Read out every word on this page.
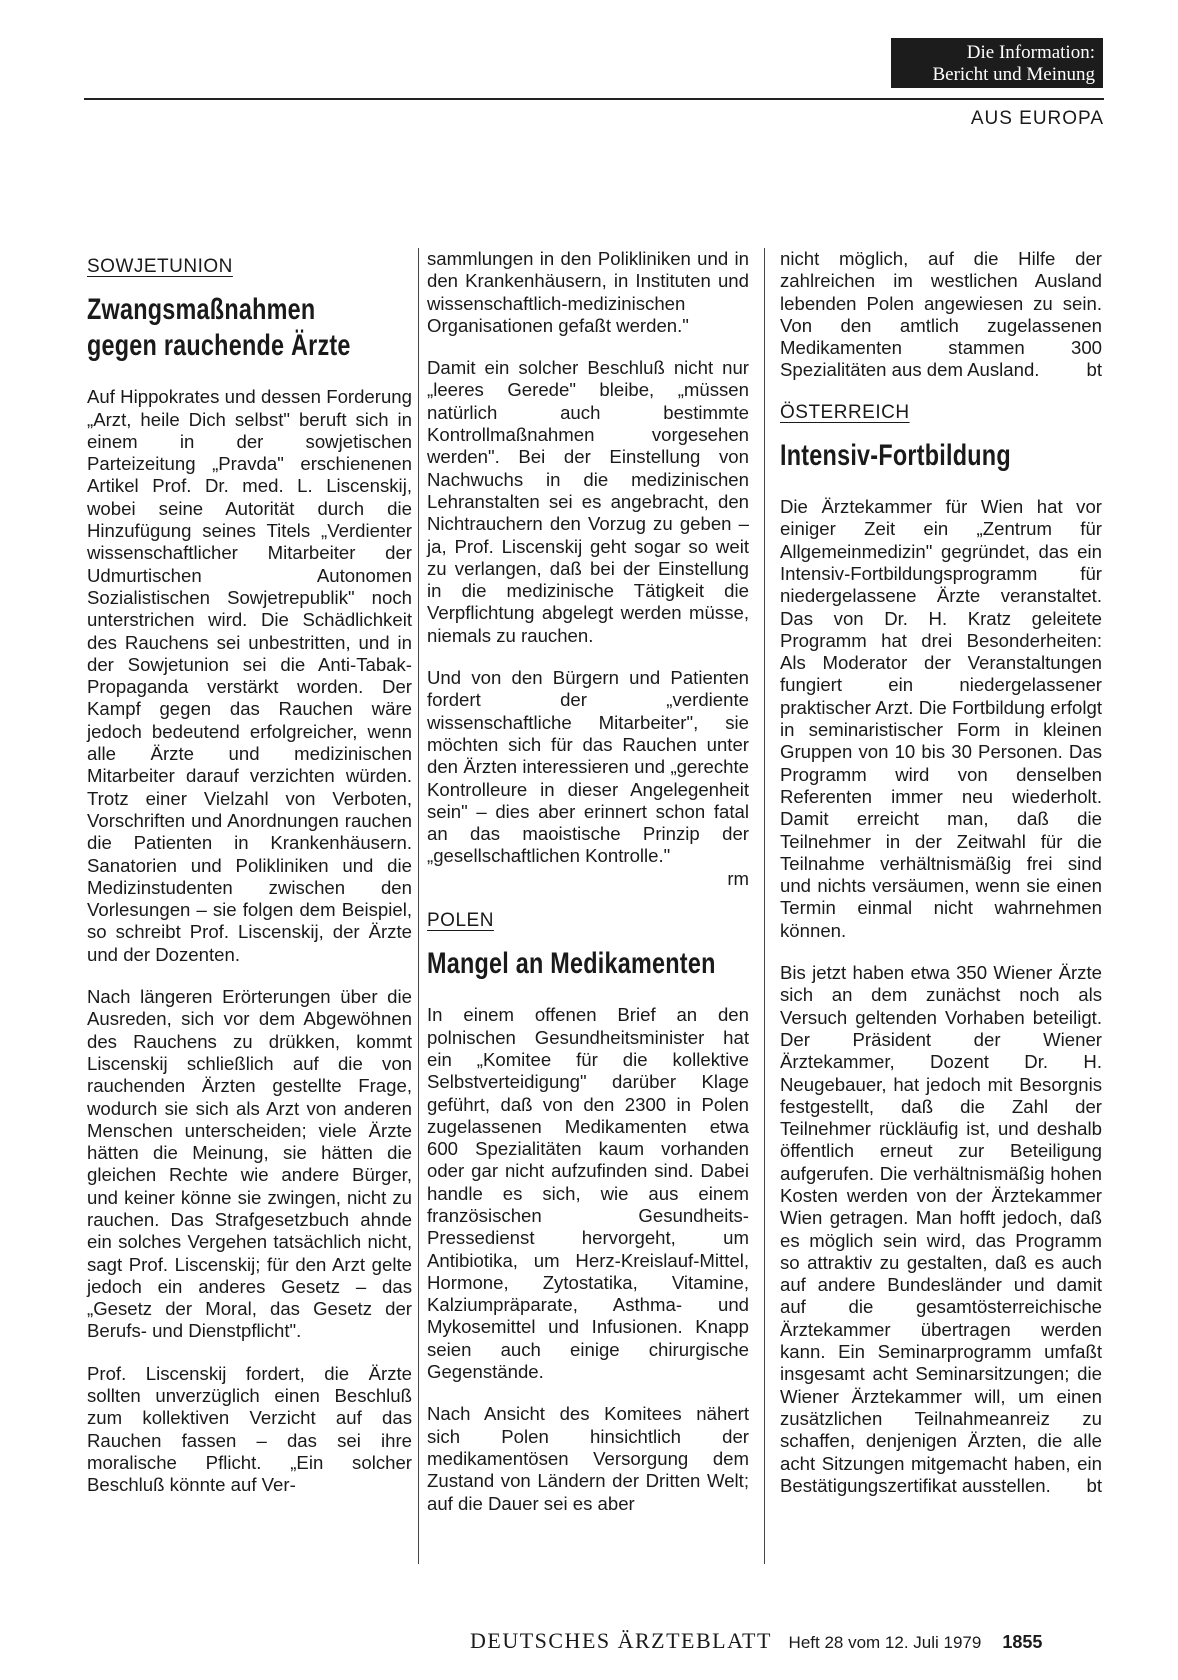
Die Information:
Bericht und Meinung
AUS EUROPA
SOWJETUNION
Zwangsmaßnahmen
gegen rauchende Ärzte

Auf Hippokrates und dessen Forderung „Arzt, heile Dich selbst" beruft sich in einem in der sowjetischen Parteizeitung „Pravda" erschienenen Artikel Prof. Dr. med. L. Liscenskij, wobei seine Autorität durch die Hinzufügung seines Titels „Verdienter wissenschaftlicher Mitarbeiter der Udmurtischen Autonomen Sozialistischen Sowjetrepublik" noch unterstrichen wird. Die Schädlichkeit des Rauchens sei unbestritten, und in der Sowjetunion sei die Anti-Tabak-Propaganda verstärkt worden. Der Kampf gegen das Rauchen wäre jedoch bedeutend erfolgreicher, wenn alle Ärzte und medizinischen Mitarbeiter darauf verzichten würden. Trotz einer Vielzahl von Verboten, Vorschriften und Anordnungen rauchen die Patienten in Krankenhäusern. Sanatorien und Polikliniken und die Medizinstudenten zwischen den Vorlesungen – sie folgen dem Beispiel, so schreibt Prof. Liscenskij, der Ärzte und der Dozenten.

Nach längeren Erörterungen über die Ausreden, sich vor dem Abgewöhnen des Rauchens zu drükken, kommt Liscenskij schließlich auf die von rauchenden Ärzten gestellte Frage, wodurch sie sich als Arzt von anderen Menschen unterscheiden; viele Ärzte hätten die Meinung, sie hätten die gleichen Rechte wie andere Bürger, und keiner könne sie zwingen, nicht zu rauchen. Das Strafgesetzbuch ahnde ein solches Vergehen tatsächlich nicht, sagt Prof. Liscenskij; für den Arzt gelte jedoch ein anderes Gesetz – das „Gesetz der Moral, das Gesetz der Berufs- und Dienstpflicht".

Prof. Liscenskij fordert, die Ärzte sollten unverzüglich einen Beschluß zum kollektiven Verzicht auf das Rauchen fassen – das sei ihre moralische Pflicht. „Ein solcher Beschluß könnte auf Ver-

sammlungen in den Polikliniken und in den Krankenhäusern, in Instituten und wissenschaftlich-medizinischen Organisationen gefaßt werden."

Damit ein solcher Beschluß nicht nur „leeres Gerede" bleibe, „müssen natürlich auch bestimmte Kontrollmaßnahmen vorgesehen werden". Bei der Einstellung von Nachwuchs in die medizinischen Lehranstalten sei es angebracht, den Nichtrauchern den Vorzug zu geben – ja, Prof. Liscenskij geht sogar so weit zu verlangen, daß bei der Einstellung in die medizinische Tätigkeit die Verpflichtung abgelegt werden müsse, niemals zu rauchen.

Und von den Bürgern und Patienten fordert der „verdiente wissenschaftliche Mitarbeiter", sie möchten sich für das Rauchen unter den Ärzten interessieren und „gerechte Kontrolleure in dieser Angelegenheit sein" – dies aber erinnert schon fatal an das maoistische Prinzip der „gesellschaftlichen Kontrolle."
rm

POLEN
Mangel an Medikamenten

In einem offenen Brief an den polnischen Gesundheitsminister hat ein „Komitee für die kollektive Selbstverteidigung" darüber Klage geführt, daß von den 2300 in Polen zugelassenen Medikamenten etwa 600 Spezialitäten kaum vorhanden oder gar nicht aufzufinden sind. Dabei handle es sich, wie aus einem französischen Gesundheits-Pressedienst hervorgeht, um Antibiotika, um Herz-Kreislauf-Mittel, Hormone, Zytostatika, Vitamine, Kalziumpräparate, Asthma- und Mykosemittel und Infusionen. Knapp seien auch einige chirurgische Gegenstände.

Nach Ansicht des Komitees nähert sich Polen hinsichtlich der medikamentösen Versorgung dem Zustand von Ländern der Dritten Welt; auf die Dauer sei es aber

nicht möglich, auf die Hilfe der zahlreichen im westlichen Ausland lebenden Polen angewiesen zu sein. Von den amtlich zugelassenen Medikamenten stammen 300 Spezialitäten aus dem Ausland.	bt

ÖSTERREICH
Intensiv-Fortbildung

Die Ärztekammer für Wien hat vor einiger Zeit ein „Zentrum für Allgemeinmedizin" gegründet, das ein Intensiv-Fortbildungsprogramm für niedergelassene Ärzte veranstaltet. Das von Dr. H. Kratz geleitete Programm hat drei Besonderheiten: Als Moderator der Veranstaltungen fungiert ein niedergelassener praktischer Arzt. Die Fortbildung erfolgt in seminaristischer Form in kleinen Gruppen von 10 bis 30 Personen. Das Programm wird von denselben Referenten immer neu wiederholt. Damit erreicht man, daß die Teilnehmer in der Zeitwahl für die Teilnahme verhältnismäßig frei sind und nichts versäumen, wenn sie einen Termin einmal nicht wahrnehmen können.

Bis jetzt haben etwa 350 Wiener Ärzte sich an dem zunächst noch als Versuch geltenden Vorhaben beteiligt. Der Präsident der Wiener Ärztekammer, Dozent Dr. H. Neugebauer, hat jedoch mit Besorgnis festgestellt, daß die Zahl der Teilnehmer rückläufig ist, und deshalb öffentlich erneut zur Beteiligung aufgerufen. Die verhältnismäßig hohen Kosten werden von der Ärztekammer Wien getragen. Man hofft jedoch, daß es möglich sein wird, das Programm so attraktiv zu gestalten, daß es auch auf andere Bundesländer und damit auf die gesamtösterreichische Ärztekammer übertragen werden kann. Ein Seminarprogramm umfaßt insgesamt acht Seminarsitzungen; die Wiener Ärztekammer will, um einen zusätzlichen Teilnahmeanreiz zu schaffen, denjenigen Ärzten, die alle acht Sitzungen mitgemacht haben, ein Bestätigungszertifikat ausstellen. bt

DEUTSCHES ÄRZTEBLATT Heft 28 vom 12. Juli 1979 1855
